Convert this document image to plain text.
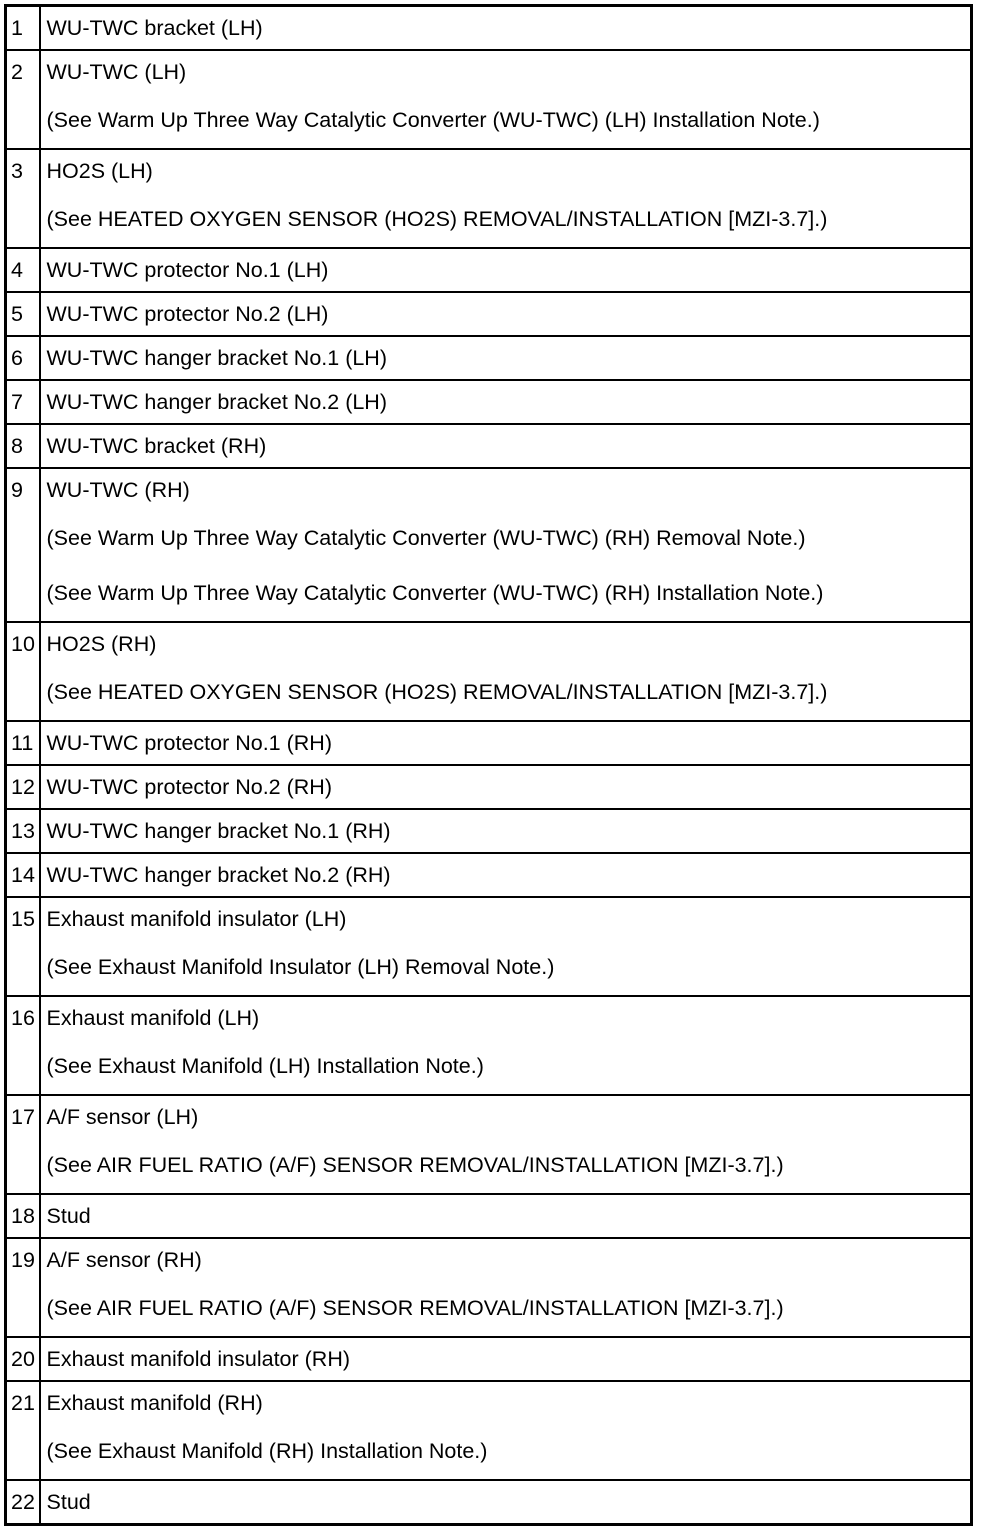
1	WU-TWC bracket (LH)

2	WU-TWC (LH)
(See Warm Up Three Way Catalytic Converter (WU-TWC) (LH) Installation Note.)

3	HO2S (LH)
(See HEATED OXYGEN SENSOR (HO2S) REMOVAL/INSTALLATION [MZI-3.7].)

4	WU-TWC protector No.1 (LH)

5	WU-TWC protector No.2 (LH)

6	WU-TWC hanger bracket No.1 (LH)

7	WU-TWC hanger bracket No.2 (LH)

8	WU-TWC bracket (RH)

9	WU-TWC (RH)
(See Warm Up Three Way Catalytic Converter (WU-TWC) (RH) Removal Note.)
(See Warm Up Three Way Catalytic Converter (WU-TWC) (RH) Installation Note.)

10	HO2S (RH)
(See HEATED OXYGEN SENSOR (HO2S) REMOVAL/INSTALLATION [MZI-3.7].)

11	WU-TWC protector No.1 (RH)

12	WU-TWC protector No.2 (RH)

13	WU-TWC hanger bracket No.1 (RH)

14	WU-TWC hanger bracket No.2 (RH)

15	Exhaust manifold insulator (LH)
(See Exhaust Manifold Insulator (LH) Removal Note.)

16	Exhaust manifold (LH)
(See Exhaust Manifold (LH) Installation Note.)

17	A/F sensor (LH)
(See AIR FUEL RATIO (A/F) SENSOR REMOVAL/INSTALLATION [MZI-3.7].)

18	Stud

19	A/F sensor (RH)
(See AIR FUEL RATIO (A/F) SENSOR REMOVAL/INSTALLATION [MZI-3.7].)

20	Exhaust manifold insulator (RH)

21	Exhaust manifold (RH)
(See Exhaust Manifold (RH) Installation Note.)

22	Stud
